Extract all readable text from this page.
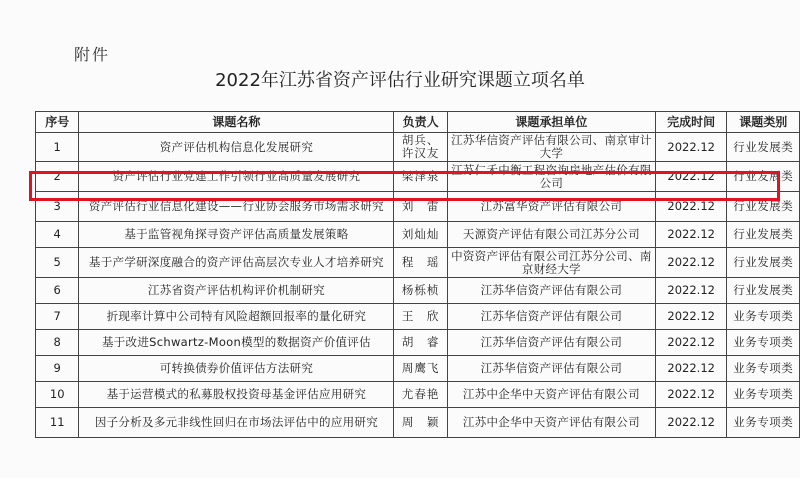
附件
2022年江苏省资产评估行业研究课题立项名单
序号	课题名称	负责人	课题承担单位	完成时间	课题类别
1	资产评估机构信息化发展研究	胡兵、许汉友	江苏华信资产评估有限公司、南京审计大学	2022.12	行业发展类
2	资产评估行业党建工作引领行业高质量发展研究	梁泽泉	江苏仁禾中衡工程咨询房地产估价有限公司	2022.12	行业发展类
3	资产评估行业信息化建设——行业协会服务市场需求研究	刘　雷	江苏富华资产评估有限公司	2022.12	行业发展类
4	基于监管视角探寻资产评估高质量发展策略	刘灿灿	天源资产评估有限公司江苏分公司	2022.12	行业发展类
5	基于产学研深度融合的资产评估高层次专业人才培养研究	程　瑶	中资资产评估有限公司江苏分公司、南京财经大学	2022.12	行业发展类
6	江苏省资产评估机构评价机制研究	杨栎桢	江苏华信资产评估有限公司	2022.12	行业发展类
7	折现率计算中公司特有风险超额回报率的量化研究	王　欣	江苏华信资产评估有限公司	2022.12	业务专项类
8	基于改进Schwartz-Moon模型的数据资产价值评估	胡　睿	江苏华信资产评估有限公司	2022.12	业务专项类
9	可转换债券价值评估方法研究	周鹰飞	江苏华信资产评估有限公司	2022.12	业务专项类
10	基于运营模式的私募股权投资母基金评估应用研究	尤春艳	江苏中企华中天资产评估有限公司	2022.12	业务专项类
11	因子分析及多元非线性回归在市场法评估中的应用研究	周　颖	江苏中企华中天资产评估有限公司	2022.12	业务专项类
